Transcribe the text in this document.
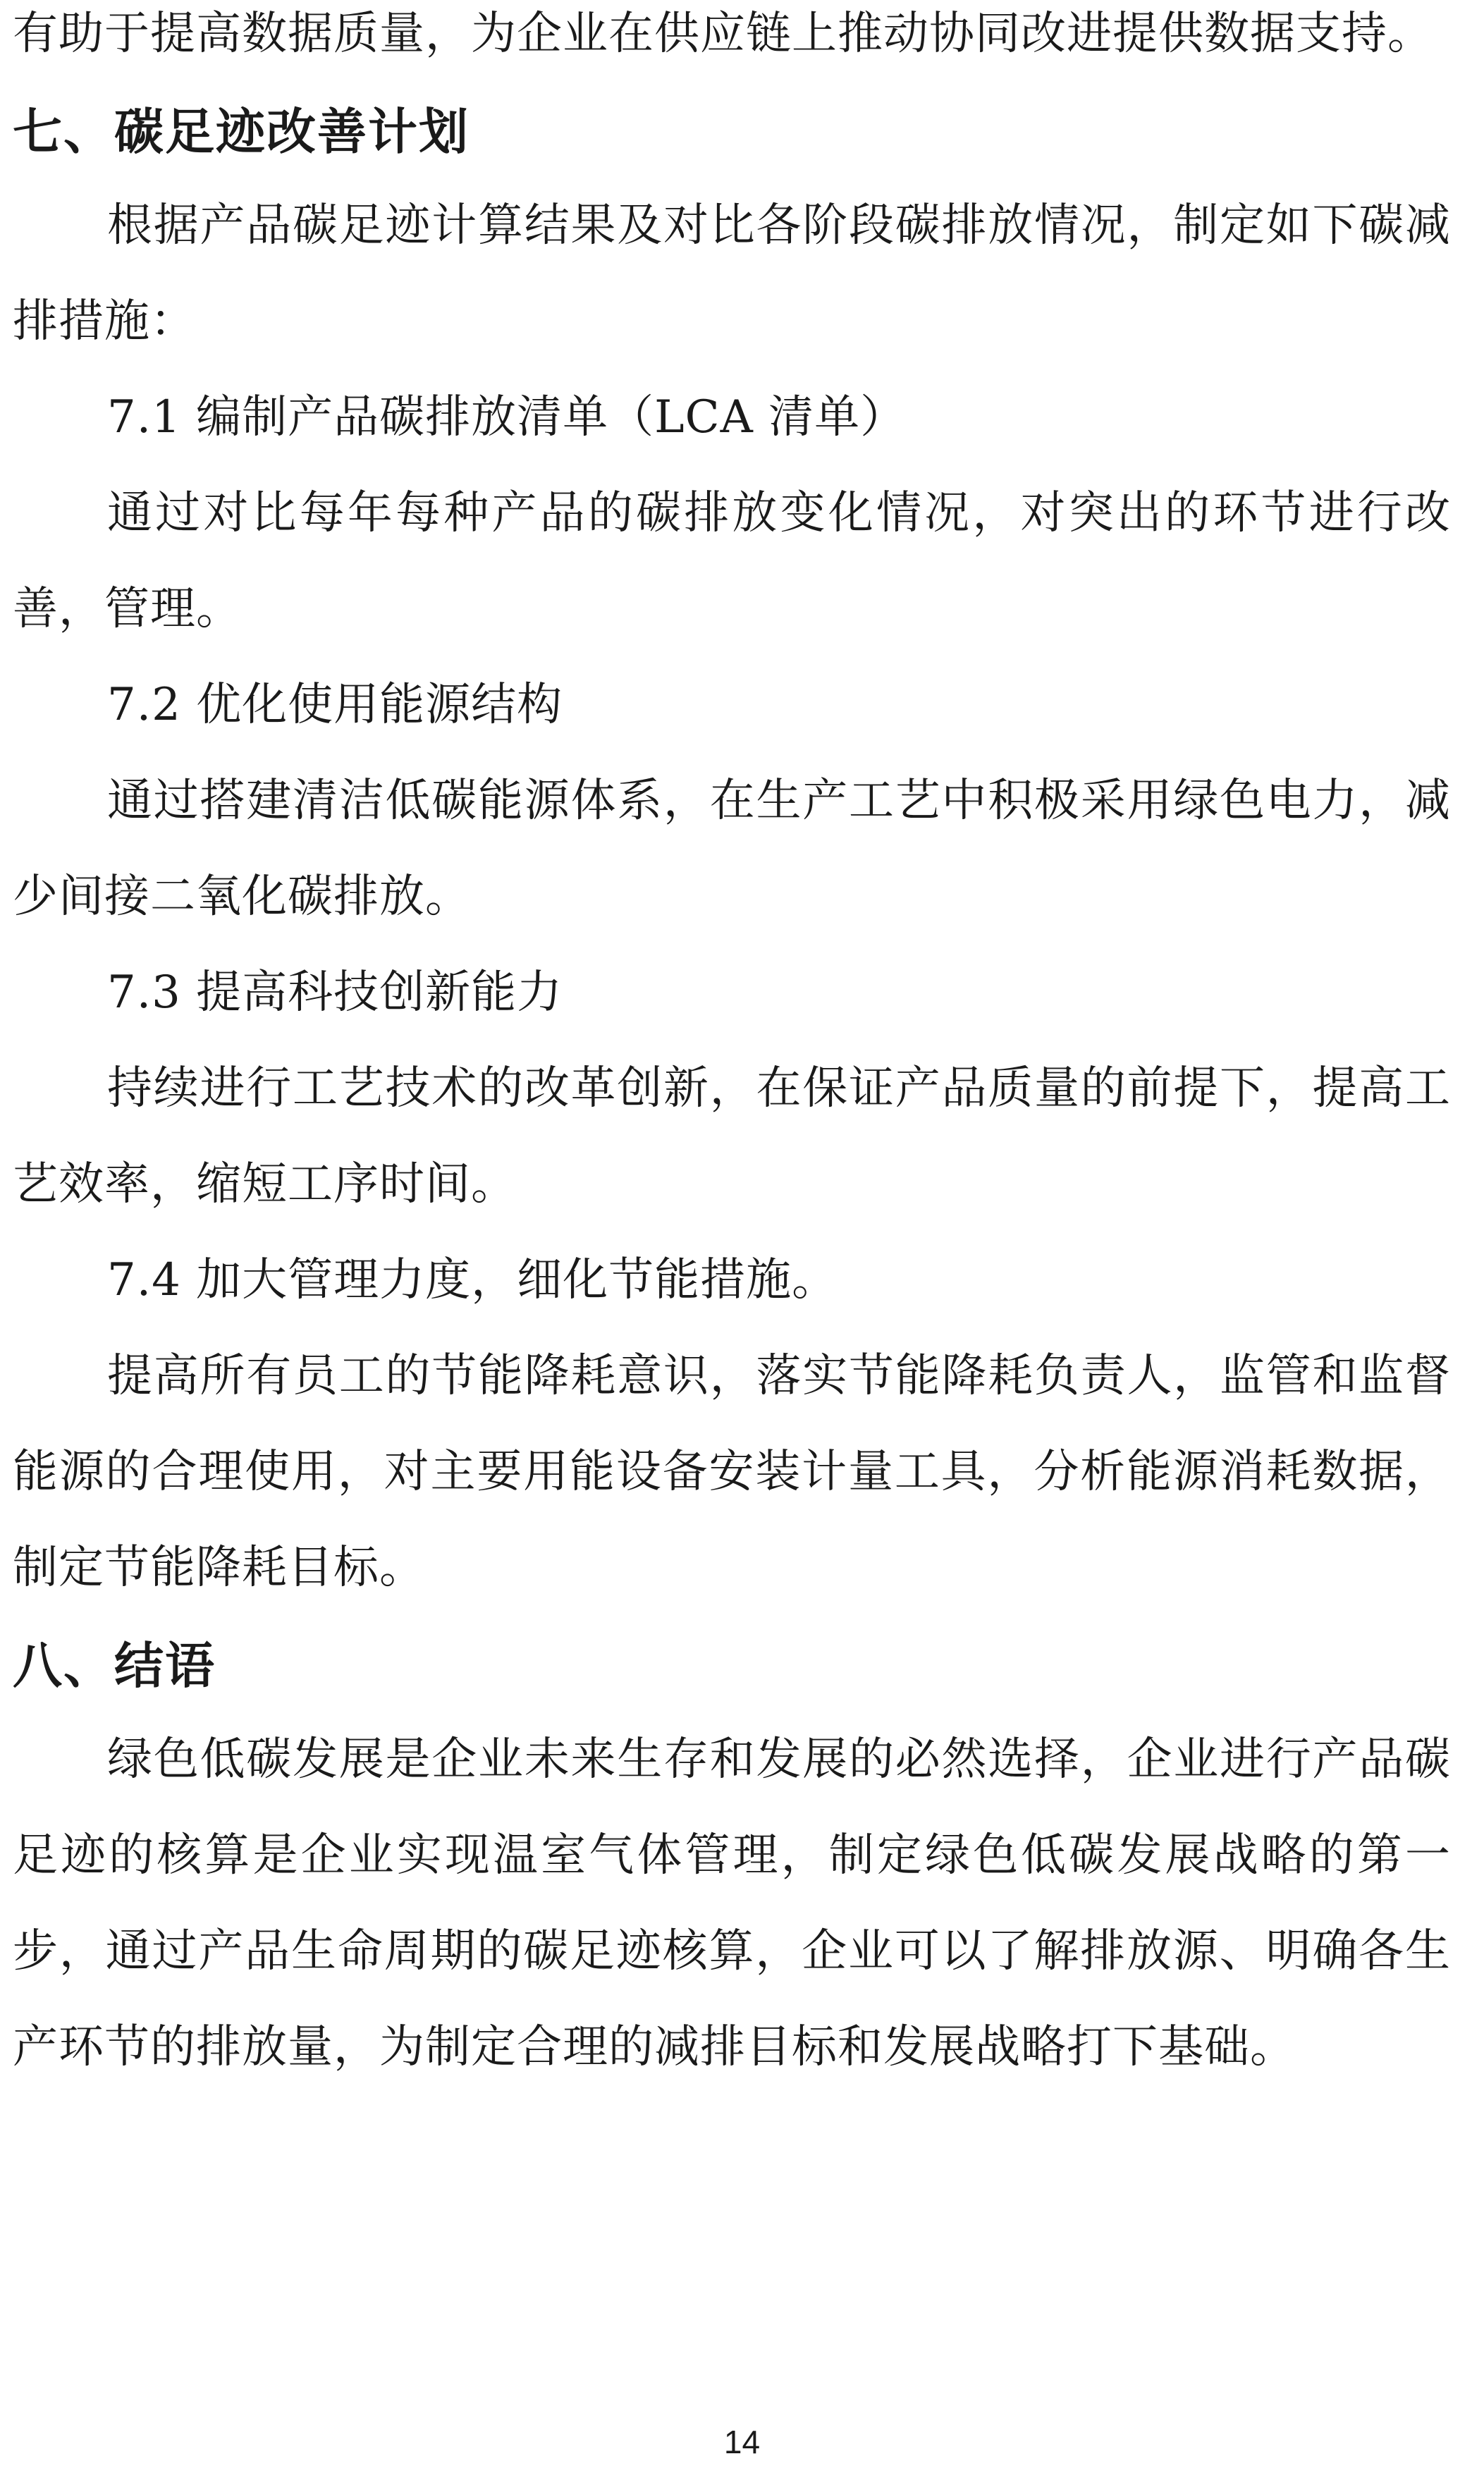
有助于提高数据质量，为企业在供应链上推动协同改进提供数据支持。

七、碳足迹改善计划

根据产品碳足迹计算结果及对比各阶段碳排放情况，制定如下碳减排措施：

7.1 编制产品碳排放清单（LCA 清单）

通过对比每年每种产品的碳排放变化情况，对突出的环节进行改善，管理。

7.2 优化使用能源结构

通过搭建清洁低碳能源体系，在生产工艺中积极采用绿色电力，减少间接二氧化碳排放。

7.3 提高科技创新能力

持续进行工艺技术的改革创新，在保证产品质量的前提下，提高工艺效率，缩短工序时间。

7.4 加大管理力度，细化节能措施。

提高所有员工的节能降耗意识，落实节能降耗负责人，监管和监督能源的合理使用，对主要用能设备安装计量工具，分析能源消耗数据，制定节能降耗目标。

八、结语

绿色低碳发展是企业未来生存和发展的必然选择，企业进行产品碳足迹的核算是企业实现温室气体管理，制定绿色低碳发展战略的第一步，通过产品生命周期的碳足迹核算，企业可以了解排放源、明确各生产环节的排放量，为制定合理的减排目标和发展战略打下基础。

14
